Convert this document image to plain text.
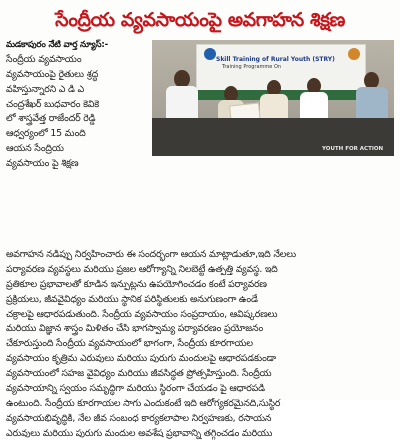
సేంద్రీయ వ్యవసాయంపై అవగాహన శిక్షణ
మడకాపురం నేటి వార్త న్యూస్:-
సేంద్రీయ వ్యవసాయం
వ్యవసాయంపై రైతులు శ్రద్ధ
వహిస్తున్నారని ఎ డి ఎ
చంద్రశేఖర్ బుధవారం కెవికె
లో శాస్త్రవేత్త రాజేందర్ రెడ్డి
ఆధ్వర్యంలో 15 మంది
ఆయన సేంద్రియ
వ్యవసాయం పై శిక్షణ
Skill Training of Rural Youth (STRY)
Training Programme On
YOUTH FOR ACTION
అవగాహన నడిప్పు నిర్వహించారు ఈ సందర్భంగా ఆయన మాట్లాడుతూ,ఇది నేలలు
పర్యావరణ వ్యవస్థలు మరియు ప్రజల ఆరోగ్యాన్ని నిలబెట్టే ఉత్పత్తి వ్యవస్థ. ఇది
ప్రతికూల ప్రభావాలతో కూడిన ఇన్పుట్లను ఉపయోగించడం కంటే పర్యావరణ
ప్రక్రియలు, జీవవైవిధ్యం మరియు స్థానిక పరిస్థితులకు అనుగుణంగా ఉండే
చక్రాలపై ఆధారపడుతుంది. సేంద్రీయ వ్యవసాయం సంప్రదాయం, ఆవిష్కరణలు
మరియు విజ్ఞాన శాస్త్రం మిళితం చేసి భాగస్వామ్య పర్యావరణం ప్రయోజనం
చేకూరుస్తుంది సేంద్రీయ వ్యవసాయంలో భాగంగా, సేంద్రీయ కూరగాయల
వ్యవసాయం కృత్రిమ ఎరువులు మరియు పురుగు మందులపై ఆధారపడకుండా
వ్యవసాయంలో సహజ వైవిధ్యం మరియు జీవసిద్ధత ప్రోత్సహిస్తుంది. సేంద్రీయ
వ్యవసాయాన్ని స్వయం సమృద్ధిగా మరియు స్థిరంగా చేయడం పై ఆధారపడి
ఉంటుంది. సేంద్రీయ కూరగాయల సాగు ఎందుకంటే ఇది ఆరోగ్యకరమైనది,సుస్థిర
వ్యవసాయభివృద్ధికి, నేల జీవ సంబంధ కార్యకలాపాల నిర్వహణకు, రసాయన
ఎరువులు మరియు పురుగు మందుల అవశేష ప్రభావాన్ని తగ్గించడం మరియు
